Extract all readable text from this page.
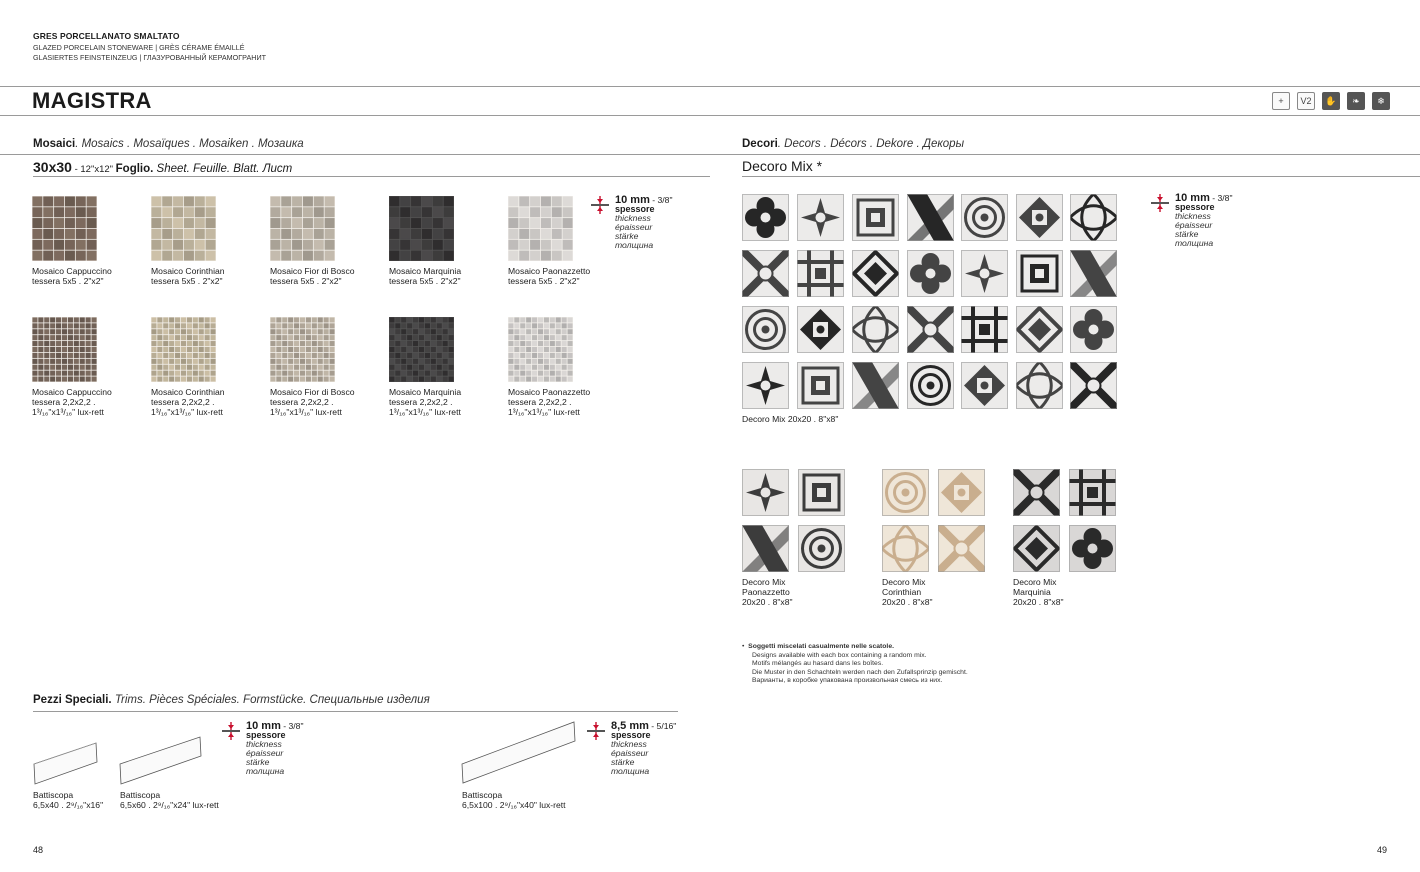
GRES PORCELLANATO SMALTATO
GLAZED PORCELAIN STONEWARE | GRÈS CÉRAME ÉMAILLÉ
GLASIERTES FEINSTEINZEUG | ГЛАЗУРОВАННЫЙ КЕРАМОГРАНИТ
MAGISTRA	+	V2	✋	❧	❄
Mosaici. Mosaics . Mosaïques . Mosaiken . Мозаика
30x30 - 12"x12" Foglio. Sheet. Feuille. Blatt. Лист
Mosaico Cappuccino
tessera 5x5 . 2"x2"
Mosaico Corinthian
tessera 5x5 . 2"x2"
Mosaico Fior di Bosco
tessera 5x5 . 2"x2"
Mosaico Marquinia
tessera 5x5 . 2"x2"
Mosaico Paonazzetto
tessera 5x5 . 2"x2"
Mosaico Cappuccino
tessera 2,2x2,2 .
1³/₁₆"x1³/₁₆" lux-rett
Mosaico Corinthian
tessera 2,2x2,2 .
1³/₁₆"x1³/₁₆" lux-rett
Mosaico Fior di Bosco
tessera 2,2x2,2 .
1³/₁₆"x1³/₁₆" lux-rett
Mosaico Marquinia
tessera 2,2x2,2 .
1³/₁₆"x1³/₁₆" lux-rett
Mosaico Paonazzetto
tessera 2,2x2,2 .
1³/₁₆"x1³/₁₆" lux-rett
10 mm - 3/8"
spessore
thickness
épaisseur
stärke
толщина
Decori. Decors . Décors . Dekore . Декоры
Decoro Mix *
Decoro Mix 20x20 . 8"x8"
10 mm - 3/8"
spessore
thickness
épaisseur
stärke
толщина
Decoro Mix
Paonazzetto
20x20 . 8"x8"
Decoro Mix
Corinthian
20x20 . 8"x8"
Decoro Mix
Marquinia
20x20 . 8"x8"
•  Soggetti miscelati casualmente nelle scatole.
Designs available with each box containing a random mix.
Motifs mélangés au hasard dans les boîtes.
Die Muster in den Schachteln werden nach den Zufallsprinzip gemischt.
Варианты, в коробке упакована произвольная смесь из них.
Pezzi Speciali. Trims. Pièces Spéciales. Formstücke. Специальные изделия
Battiscopa
6,5x40 . 2⁹/₁₆"x16"
Battiscopa
6,5x60 . 2⁹/₁₆"x24" lux-rett
Battiscopa
6,5x100 . 2⁹/₁₆"x40" lux-rett
10 mm - 3/8"
spessore
thickness
épaisseur
stärke
толщина
8,5 mm - 5/16"
spessore
thickness
épaisseur
stärke
толщина
48	49
